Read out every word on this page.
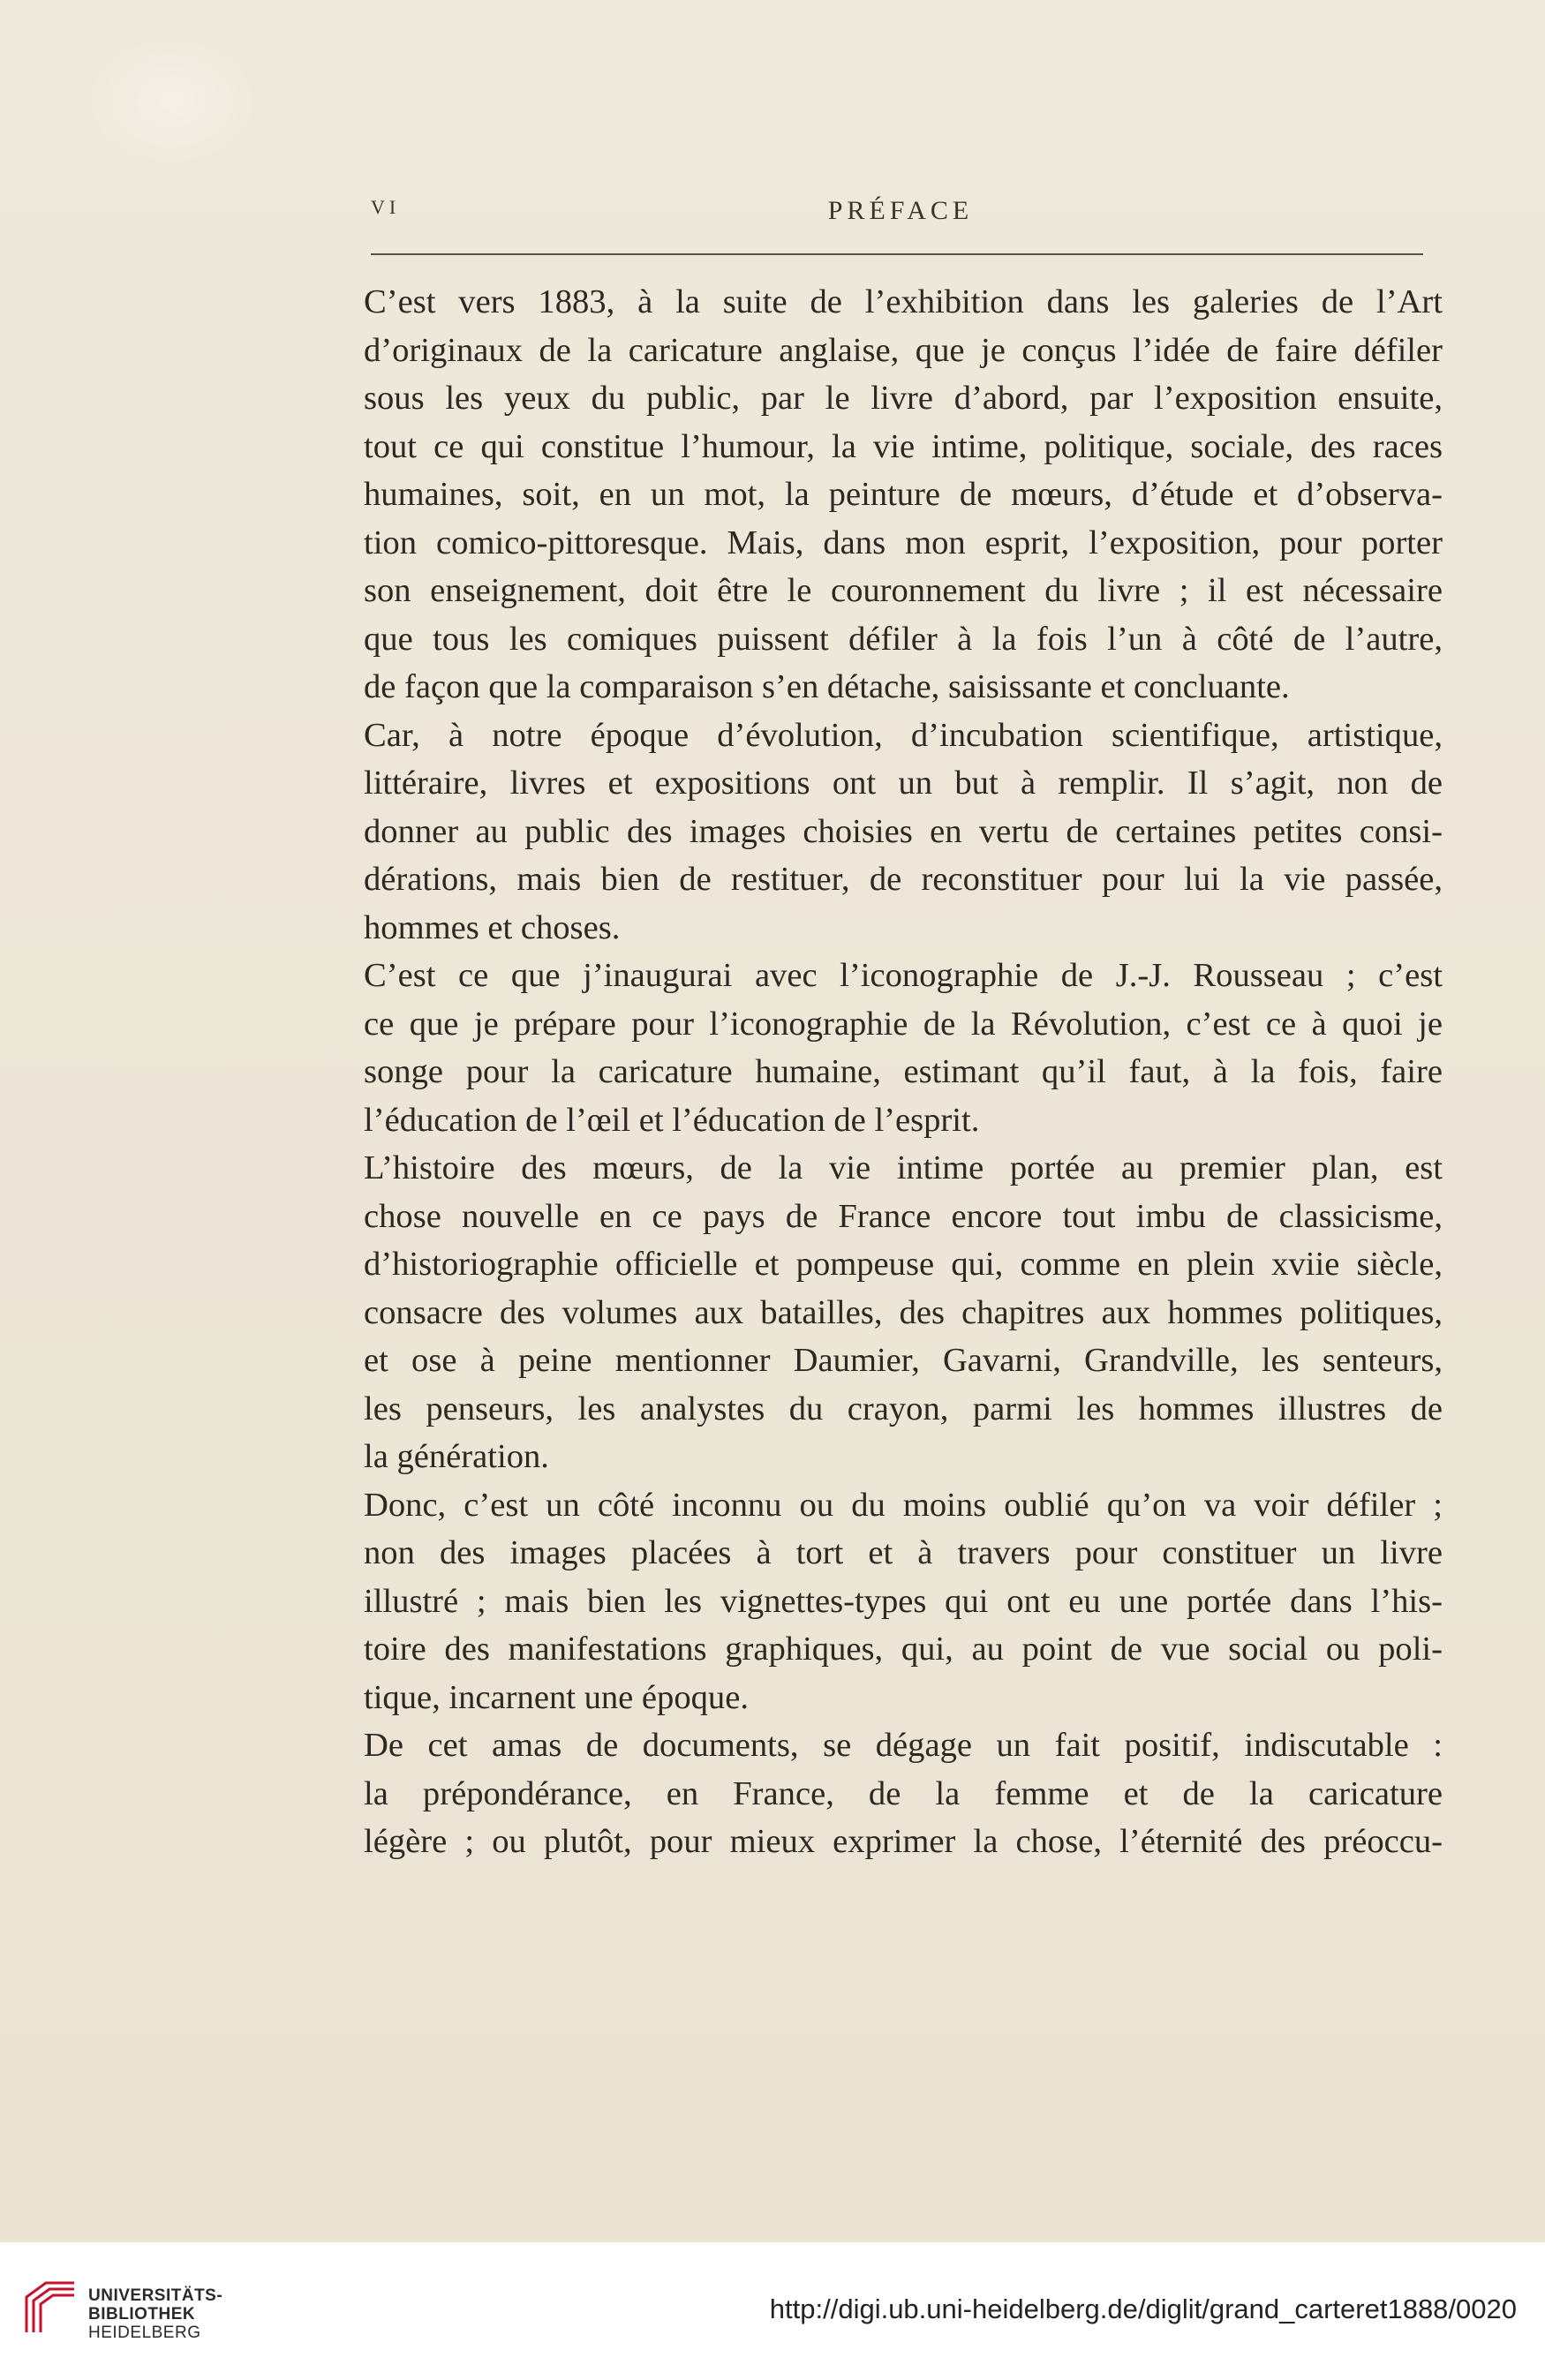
VI	PRÉFACE
C’est vers 1883, à la suite de l’exhibition dans les galeries de l’Art
d’originaux de la caricature anglaise, que je conçus l’idée de faire défiler
sous les yeux du public, par le livre d’abord, par l’exposition ensuite,
tout ce qui constitue l’humour, la vie intime, politique, sociale, des races
humaines, soit, en un mot, la peinture de mœurs, d’étude et d’observa-
tion comico-pittoresque. Mais, dans mon esprit, l’exposition, pour porter
son enseignement, doit être le couronnement du livre ; il est nécessaire
que tous les comiques puissent défiler à la fois l’un à côté de l’autre,
de façon que la comparaison s’en détache, saisissante et concluante.
Car, à notre époque d’évolution, d’incubation scientifique, artistique,
littéraire, livres et expositions ont un but à remplir. Il s’agit, non de
donner au public des images choisies en vertu de certaines petites consi-
dérations, mais bien de restituer, de reconstituer pour lui la vie passée,
hommes et choses.
C’est ce que j’inaugurai avec l’iconographie de J.-J. Rousseau ; c’est
ce que je prépare pour l’iconographie de la Révolution, c’est ce à quoi je
songe pour la caricature humaine, estimant qu’il faut, à la fois, faire
l’éducation de l’œil et l’éducation de l’esprit.
L’histoire des mœurs, de la vie intime portée au premier plan, est
chose nouvelle en ce pays de France encore tout imbu de classicisme,
d’historiographie officielle et pompeuse qui, comme en plein xviie siècle,
consacre des volumes aux batailles, des chapitres aux hommes politiques,
et ose à peine mentionner Daumier, Gavarni, Grandville, les senteurs,
les penseurs, les analystes du crayon, parmi les hommes illustres de
la génération.
Donc, c’est un côté inconnu ou du moins oublié qu’on va voir défiler ;
non des images placées à tort et à travers pour constituer un livre
illustré ; mais bien les vignettes-types qui ont eu une portée dans l’his-
toire des manifestations graphiques, qui, au point de vue social ou poli-
tique, incarnent une époque.
De cet amas de documents, se dégage un fait positif, indiscutable :
la prépondérance, en France, de la femme et de la caricature
légère ; ou plutôt, pour mieux exprimer la chose, l’éternité des préoccu-
UNIVERSITÄTS-
BIBLIOTHEK
HEIDELBERG
http://digi.ub.uni-heidelberg.de/diglit/grand_carteret1888/0020
